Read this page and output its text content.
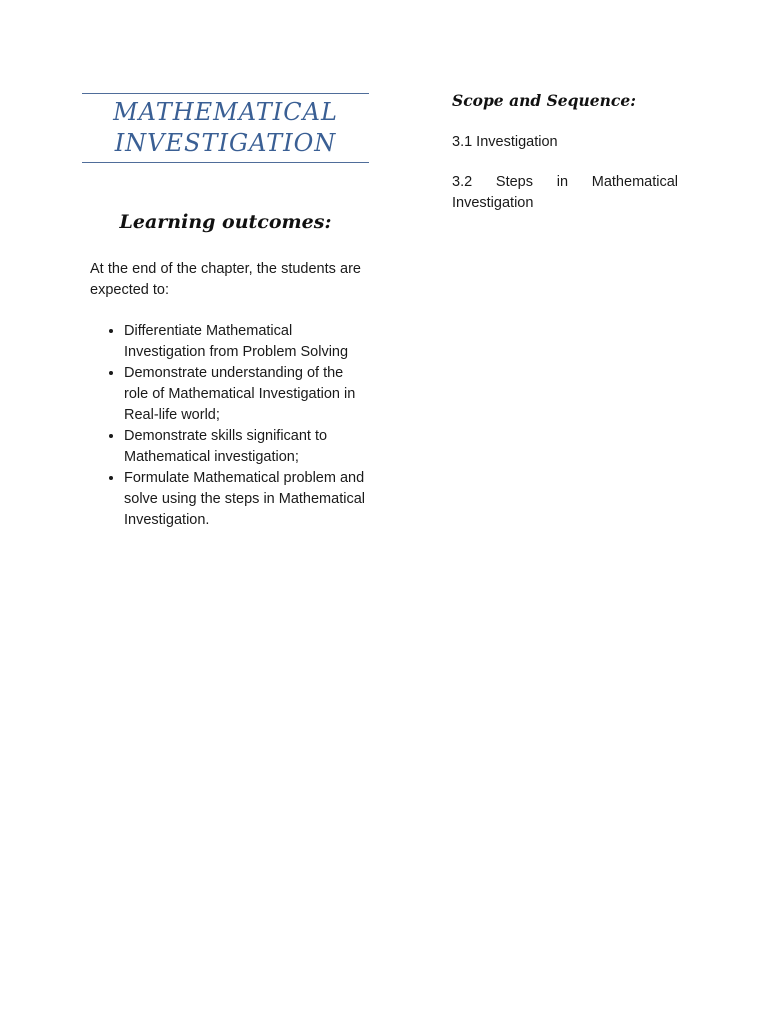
MATHEMATICAL
INVESTIGATION
Learning outcomes:
At the end of the chapter, the students are expected to:
• Differentiate Mathematical Investigation from Problem Solving
• Demonstrate understanding of the role of Mathematical Investigation in Real-life world;
• Demonstrate skills significant to Mathematical investigation;
• Formulate Mathematical problem and solve using the steps in Mathematical Investigation.
Scope and Sequence:
3.1 Investigation
3.2 Steps in Mathematical Investigation
